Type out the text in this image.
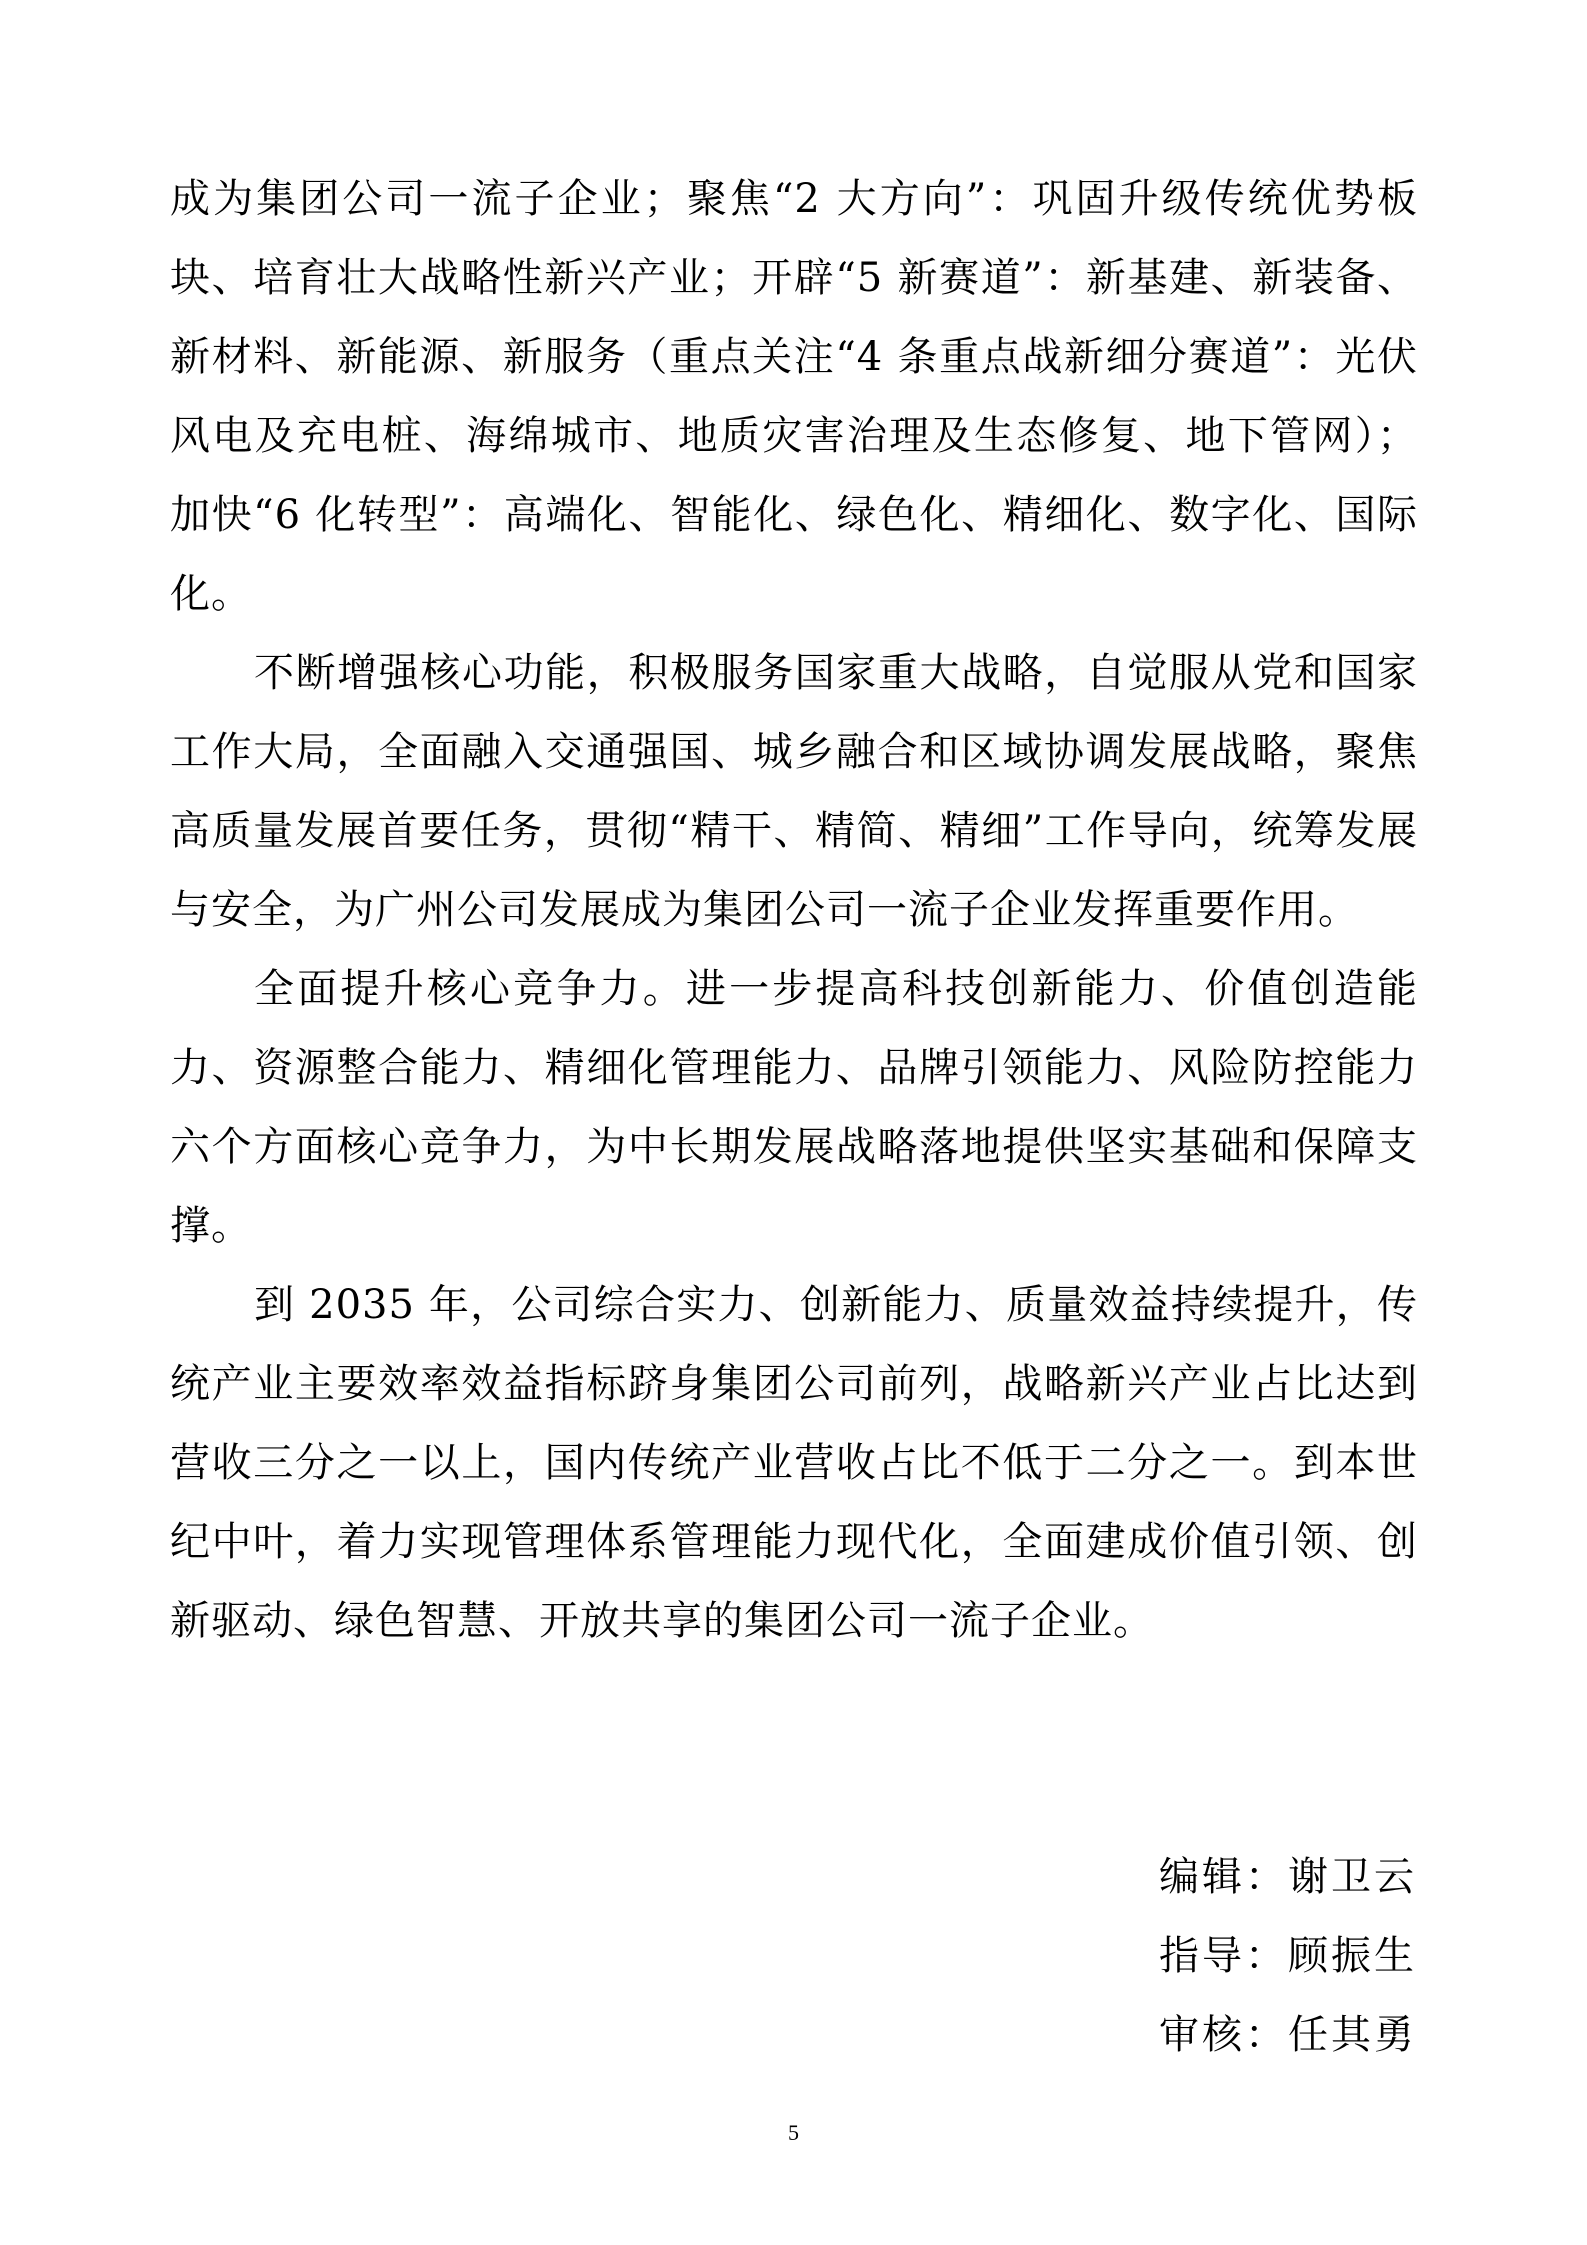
成为集团公司一流子企业；聚焦“2 大方向”：巩固升级传统优势板块、培育壮大战略性新兴产业；开辟“5 新赛道”：新基建、新装备、新材料、新能源、新服务（重点关注“4 条重点战新细分赛道”：光伏风电及充电桩、海绵城市、地质灾害治理及生态修复、地下管网）；加快“6 化转型”：高端化、智能化、绿色化、精细化、数字化、国际化。

不断增强核心功能，积极服务国家重大战略，自觉服从党和国家工作大局，全面融入交通强国、城乡融合和区域协调发展战略，聚焦高质量发展首要任务，贯彻“精干、精简、精细”工作导向，统筹发展与安全，为广州公司发展成为集团公司一流子企业发挥重要作用。

全面提升核心竞争力。进一步提高科技创新能力、价值创造能力、资源整合能力、精细化管理能力、品牌引领能力、风险防控能力六个方面核心竞争力，为中长期发展战略落地提供坚实基础和保障支撑。

到 2035 年，公司综合实力、创新能力、质量效益持续提升，传统产业主要效率效益指标跻身集团公司前列，战略新兴产业占比达到营收三分之一以上，国内传统产业营收占比不低于二分之一。到本世纪中叶，着力实现管理体系管理能力现代化，全面建成价值引领、创新驱动、绿色智慧、开放共享的集团公司一流子企业。

编辑：谢卫云
指导：顾振生
审核：任其勇
5
